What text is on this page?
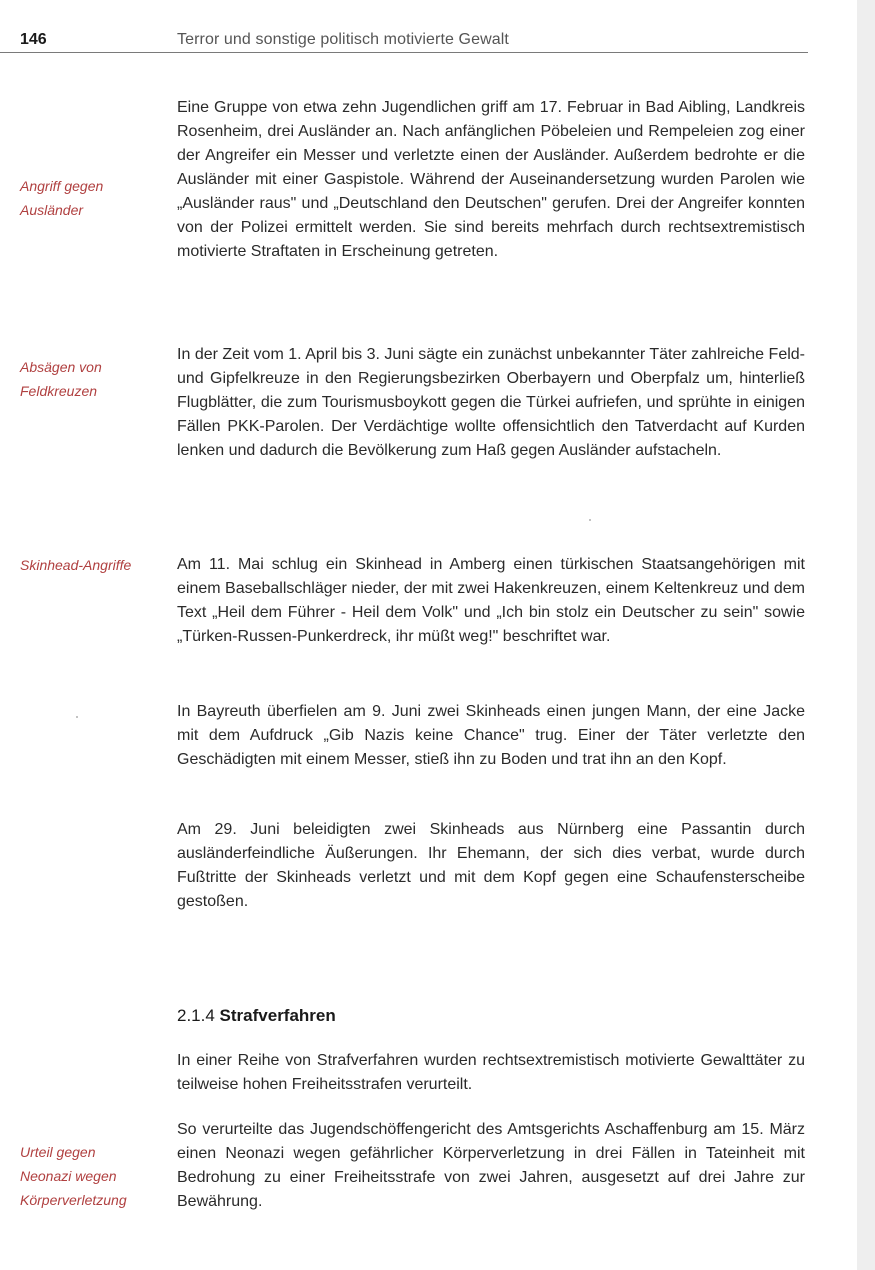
146	Terror und sonstige politisch motivierte Gewalt
Angriff gegen
Ausländer
Absägen von
Feldkreuzen
Skinhead-Angriffe
Urteil gegen
Neonazi wegen
Körperverletzung

Eine Gruppe von etwa zehn Jugendlichen griff am 17. Februar in Bad Aibling, Landkreis Rosenheim, drei Ausländer an. Nach anfänglichen Pöbeleien und Rempeleien zog einer der Angreifer ein Messer und verletzte einen der Ausländer. Außerdem bedrohte er die Ausländer mit einer Gaspistole. Während der Auseinandersetzung wurden Parolen wie „Ausländer raus" und „Deutschland den Deutschen" gerufen. Drei der Angreifer konnten von der Polizei ermittelt werden. Sie sind bereits mehrfach durch rechtsextremistisch motivierte Straftaten in Erscheinung getreten.

In der Zeit vom 1. April bis 3. Juni sägte ein zunächst unbekannter Täter zahlreiche Feld- und Gipfelkreuze in den Regierungsbezirken Oberbayern und Oberpfalz um, hinterließ Flugblätter, die zum Tourismusboykott gegen die Türkei aufriefen, und sprühte in einigen Fällen PKK-Parolen. Der Verdächtige wollte offensichtlich den Tatverdacht auf Kurden lenken und dadurch die Bevölkerung zum Haß gegen Ausländer aufstacheln.

Am 11. Mai schlug ein Skinhead in Amberg einen türkischen Staatsangehörigen mit einem Baseballschläger nieder, der mit zwei Hakenkreuzen, einem Keltenkreuz und dem Text „Heil dem Führer - Heil dem Volk" und „Ich bin stolz ein Deutscher zu sein" sowie „Türken-Russen-Punkerdreck, ihr müßt weg!" beschriftet war.

In Bayreuth überfielen am 9. Juni zwei Skinheads einen jungen Mann, der eine Jacke mit dem Aufdruck „Gib Nazis keine Chance" trug. Einer der Täter verletzte den Geschädigten mit einem Messer, stieß ihn zu Boden und trat ihn an den Kopf.

Am 29. Juni beleidigten zwei Skinheads aus Nürnberg eine Passantin durch ausländerfeindliche Äußerungen. Ihr Ehemann, der sich dies verbat, wurde durch Fußtritte der Skinheads verletzt und mit dem Kopf gegen eine Schaufensterscheibe gestoßen.

2.1.4 Strafverfahren

In einer Reihe von Strafverfahren wurden rechtsextremistisch motivierte Gewalttäter zu teilweise hohen Freiheitsstrafen verurteilt.

So verurteilte das Jugendschöffengericht des Amtsgerichts Aschaffenburg am 15. März einen Neonazi wegen gefährlicher Körperverletzung in drei Fällen in Tateinheit mit Bedrohung zu einer Freiheitsstrafe von zwei Jahren, ausgesetzt auf drei Jahre zur Bewährung.
